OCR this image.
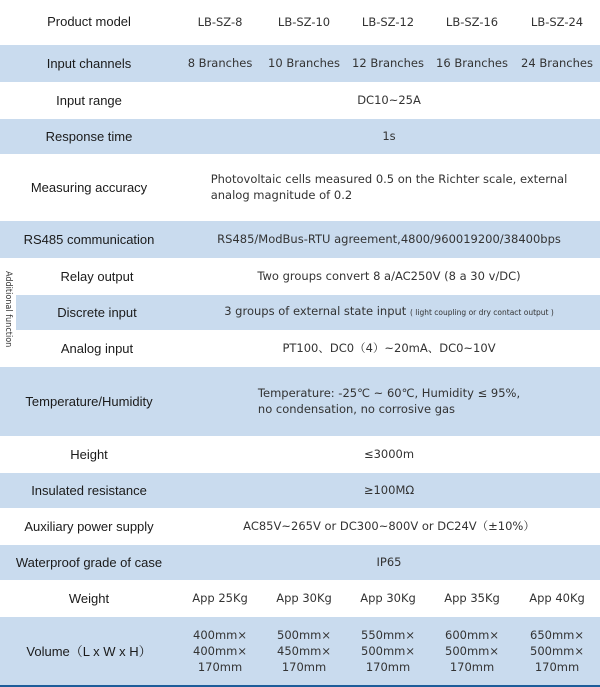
Product model		LB-SZ-8	LB-SZ-10	LB-SZ-12	LB-SZ-16	LB-SZ-24
Input channels		8 Branches	10 Branches	12 Branches	16 Branches	24 Branches
Input range		DC10~25A				
Response time		1s				
Measuring accuracy		Photovoltaic cells measured 0.5 on the Richter scale, external
analog magnitude of 0.2				
RS485 communication		RS485/ModBus-RTU agreement,4800/960019200/38400bps				
Additional function	Relay output	Two groups convert 8 a/AC250V (8 a 30 v/DC)				
	Discrete input	3 groups of external state input ( light coupling or dry contact output )				
	Analog input	PT100、DC0（4）~20mA、DC0~10V				
Temperature/Humidity		Temperature: -25℃ ~ 60℃, Humidity ≤ 95%,
no condensation, no corrosive gas				
Height		≤3000m				
Insulated resistance		≥100MΩ				
Auxiliary power supply		AC85V~265V or DC300~800V or DC24V（±10%）				
Waterproof grade of case		IP65				
Weight		App 25Kg	App 30Kg	App 30Kg	App 35Kg	App 40Kg
Volume（L x W x H）		400mm×
400mm×
170mm	500mm×
450mm×
170mm	550mm×
500mm×
170mm	600mm×
500mm×
170mm	650mm×
500mm×
170mm
